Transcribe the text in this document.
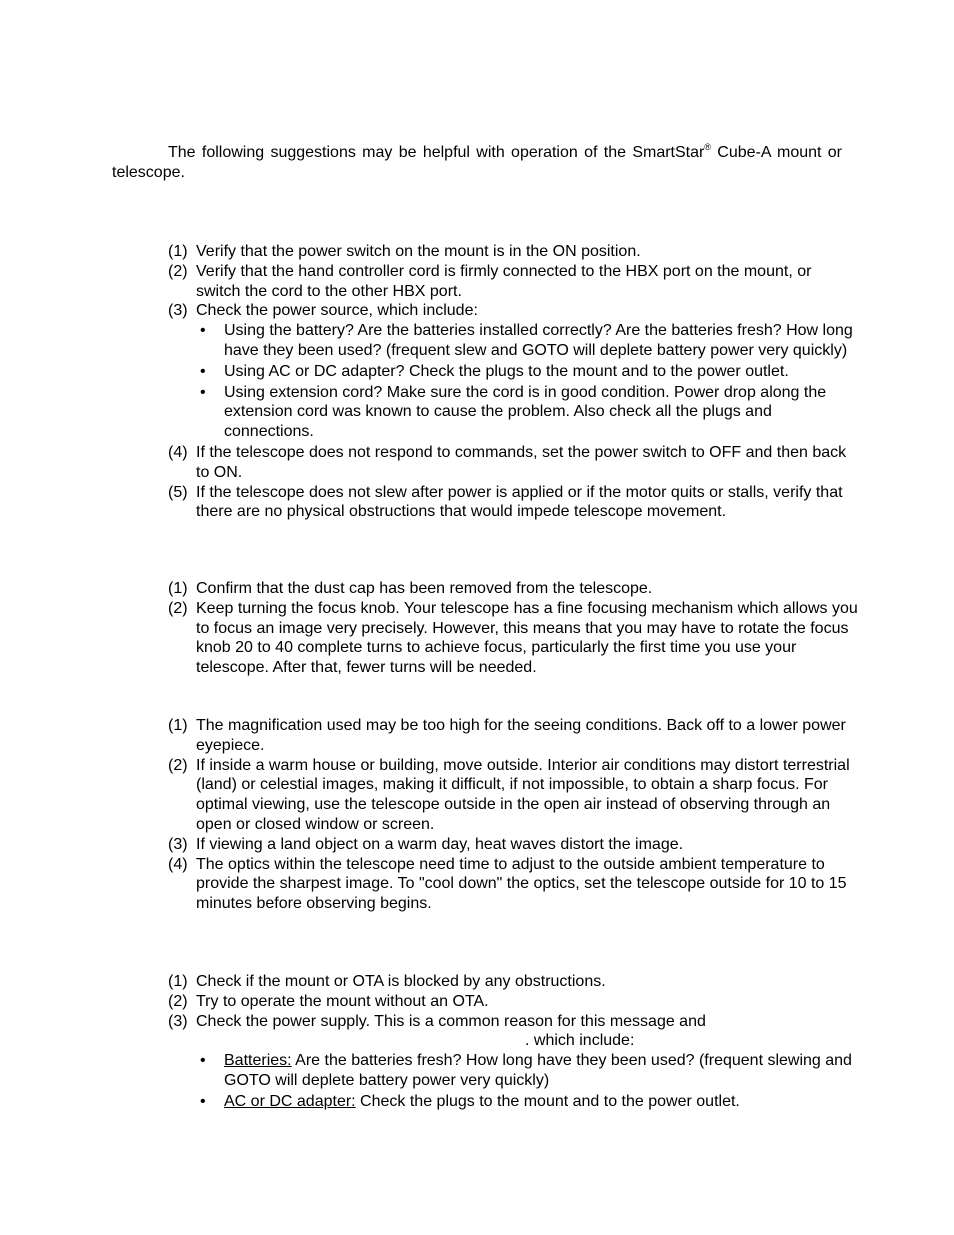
The following suggestions may be helpful with operation of the SmartStar® Cube-A mount or telescope.
(1) Verify that the power switch on the mount is in the ON position.
(2) Verify that the hand controller cord is firmly connected to the HBX port on the mount, or switch the cord to the other HBX port.
(3) Check the power source, which include:
•	Using the battery? Are the batteries installed correctly? Are the batteries fresh? How long have they been used? (frequent slew and GOTO will deplete battery power very quickly)
•	Using AC or DC adapter? Check the plugs to the mount and to the power outlet.
•	Using extension cord? Make sure the cord is in good condition. Power drop along the extension cord was known to cause the problem. Also check all the plugs and connections.
(4) If the telescope does not respond to commands, set the power switch to OFF and then back to ON.
(5) If the telescope does not slew after power is applied or if the motor quits or stalls, verify that there are no physical obstructions that would impede telescope movement.
(1) Confirm that the dust cap has been removed from the telescope.
(2) Keep turning the focus knob. Your telescope has a fine focusing mechanism which allows you to focus an image very precisely. However, this means that you may have to rotate the focus knob 20 to 40 complete turns to achieve focus, particularly the first time you use your telescope. After that, fewer turns will be needed.
(1) The magnification used may be too high for the seeing conditions. Back off to a lower power eyepiece.
(2) If inside a warm house or building, move outside. Interior air conditions may distort terrestrial (land) or celestial images, making it difficult, if not impossible, to obtain a sharp focus. For optimal viewing, use the telescope outside in the open air instead of observing through an open or closed window or screen.
(3) If viewing a land object on a warm day, heat waves distort the image.
(4) The optics within the telescope need time to adjust to the outside ambient temperature to provide the sharpest image. To "cool down" the optics, set the telescope outside for 10 to 15 minutes before observing begins.
(1) Check if the mount or OTA is blocked by any obstructions.
(2) Try to operate the mount without an OTA.
(3) Check the power supply. This is a common reason for this message and
. which include:
•	Batteries: Are the batteries fresh? How long have they been used? (frequent slewing and GOTO will deplete battery power very quickly)
•	AC or DC adapter: Check the plugs to the mount and to the power outlet.
